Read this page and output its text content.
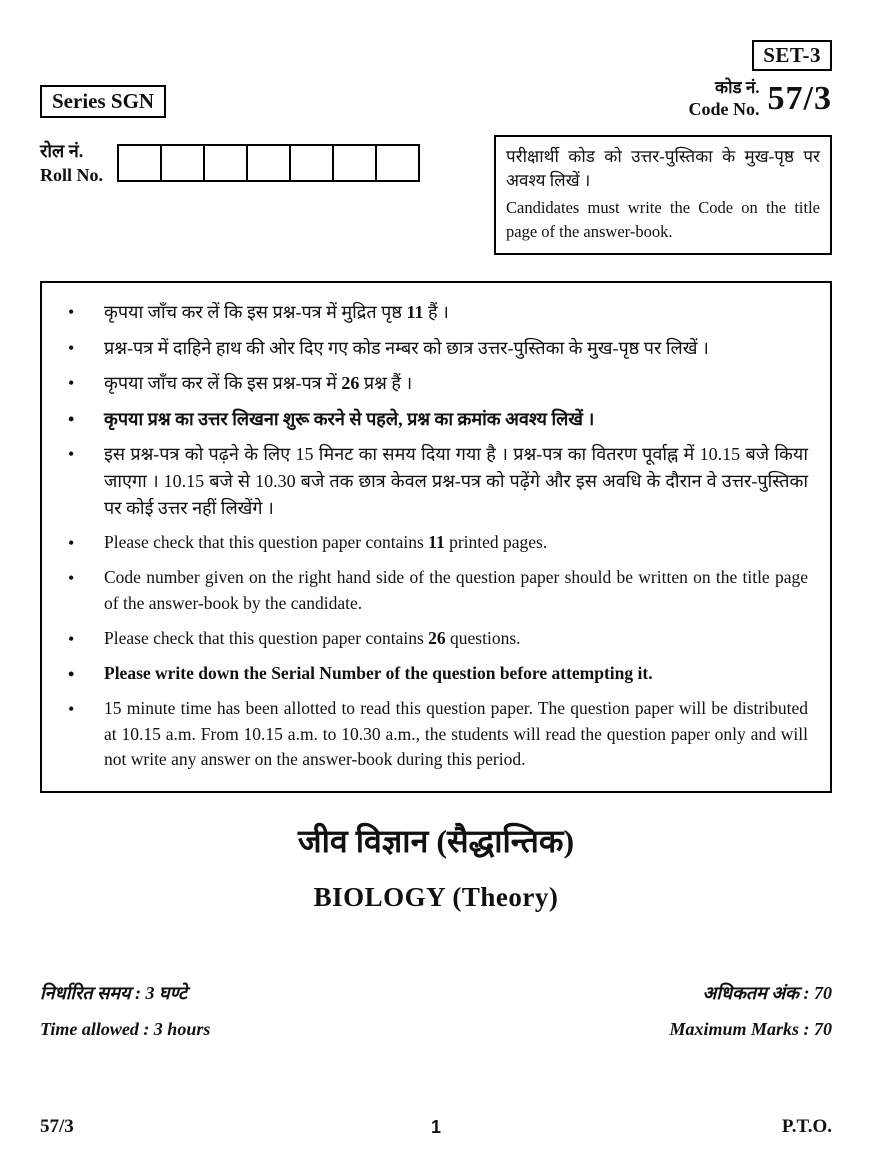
SET-3
Series SGN
कोड नं.
Code No. 57/3
रोल नं.
Roll No.
परीक्षार्थी कोड को उत्तर-पुस्तिका के मुख-पृष्ठ पर अवश्य लिखें ।
Candidates must write the Code on the title page of the answer-book.
• कृपया जाँच कर लें कि इस प्रश्न-पत्र में मुद्रित पृष्ठ 11 हैं ।
• प्रश्न-पत्र में दाहिने हाथ की ओर दिए गए कोड नम्बर को छात्र उत्तर-पुस्तिका के मुख-पृष्ठ पर लिखें ।
• कृपया जाँच कर लें कि इस प्रश्न-पत्र में 26 प्रश्न हैं ।
• कृपया प्रश्न का उत्तर लिखना शुरू करने से पहले, प्रश्न का क्रमांक अवश्य लिखें ।
• इस प्रश्न-पत्र को पढ़ने के लिए 15 मिनट का समय दिया गया है । प्रश्न-पत्र का वितरण पूर्वाह्न में 10.15 बजे किया जाएगा । 10.15 बजे से 10.30 बजे तक छात्र केवल प्रश्न-पत्र को पढ़ेंगे और इस अवधि के दौरान वे उत्तर-पुस्तिका पर कोई उत्तर नहीं लिखेंगे ।
• Please check that this question paper contains 11 printed pages.
• Code number given on the right hand side of the question paper should be written on the title page of the answer-book by the candidate.
• Please check that this question paper contains 26 questions.
• Please write down the Serial Number of the question before attempting it.
• 15 minute time has been allotted to read this question paper. The question paper will be distributed at 10.15 a.m. From 10.15 a.m. to 10.30 a.m., the students will read the question paper only and will not write any answer on the answer-book during this period.
जीव विज्ञान (सैद्धान्तिक)
BIOLOGY (Theory)
निर्धारित समय : 3 घण्टे
Time allowed : 3 hours
अधिकतम अंक : 70
Maximum Marks : 70
57/3	1	P.T.O.
